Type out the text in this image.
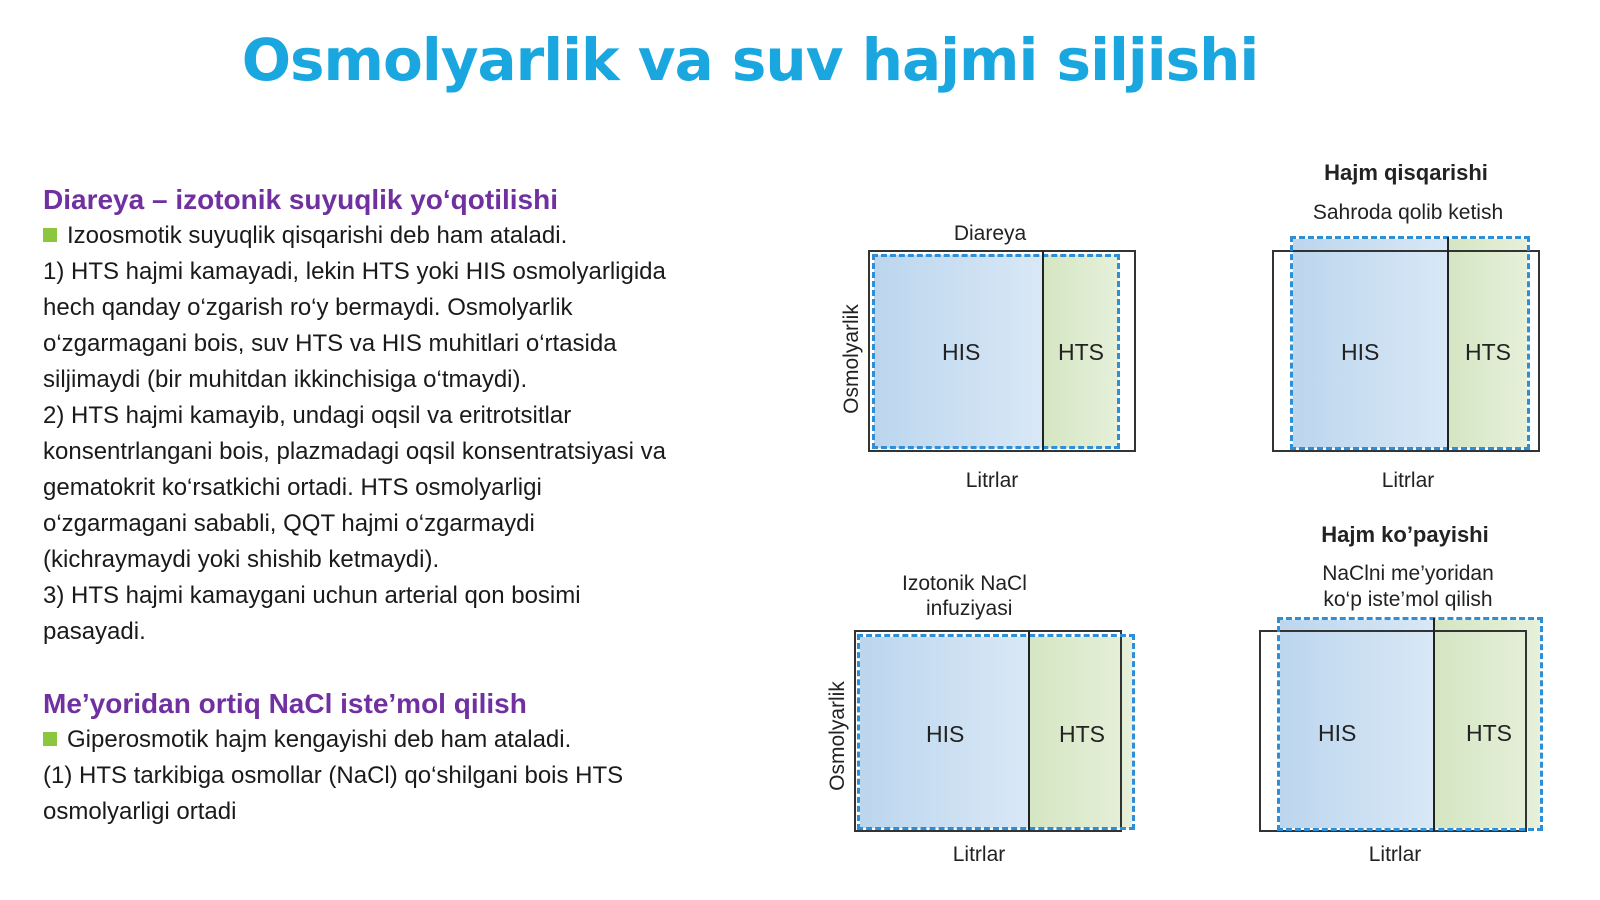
Osmolyarlik va suv hajmi siljishi
Diareya – izotonik suyuqlik yo‘qotilishi
Izoosmotik suyuqlik qisqarishi deb ham ataladi.
1) HTS hajmi kamayadi, lekin HTS yoki HIS osmolyarligida
hech qanday o‘zgarish ro‘y bermaydi. Osmolyarlik
o‘zgarmagani bois, suv HTS va HIS muhitlari o‘rtasida
siljimaydi (bir muhitdan ikkinchisiga o‘tmaydi).
2) HTS hajmi kamayib, undagi oqsil va eritrotsitlar
konsentrlangani bois, plazmadagi oqsil konsentratsiyasi va
gematokrit ko‘rsatkichi ortadi. HTS osmolyarligi
o‘zgarmagani sababli, QQT hajmi o‘zgarmaydi
(kichraymaydi yoki shishib ketmaydi).
3) HTS hajmi kamaygani uchun arterial qon bosimi
pasayadi.
Me’yoridan ortiq NaCl iste’mol qilish
Giperosmotik hajm kengayishi deb ham ataladi.
(1) HTS tarkibiga osmollar (NaCl) qo‘shilgani bois HTS
osmolyarligi ortadi
Diareya
HIS	HTS
Osmolyarlik
Litrlar
Hajm qisqarishi
Sahroda qolib ketish
HIS	HTS
Litrlar
Izotonik NaCl
infuziyasi
HIS	HTS
Osmolyarlik
Litrlar
Hajm ko’payishi
NaClni me’yoridan
ko‘p iste’mol qilish
HIS	HTS
Litrlar
